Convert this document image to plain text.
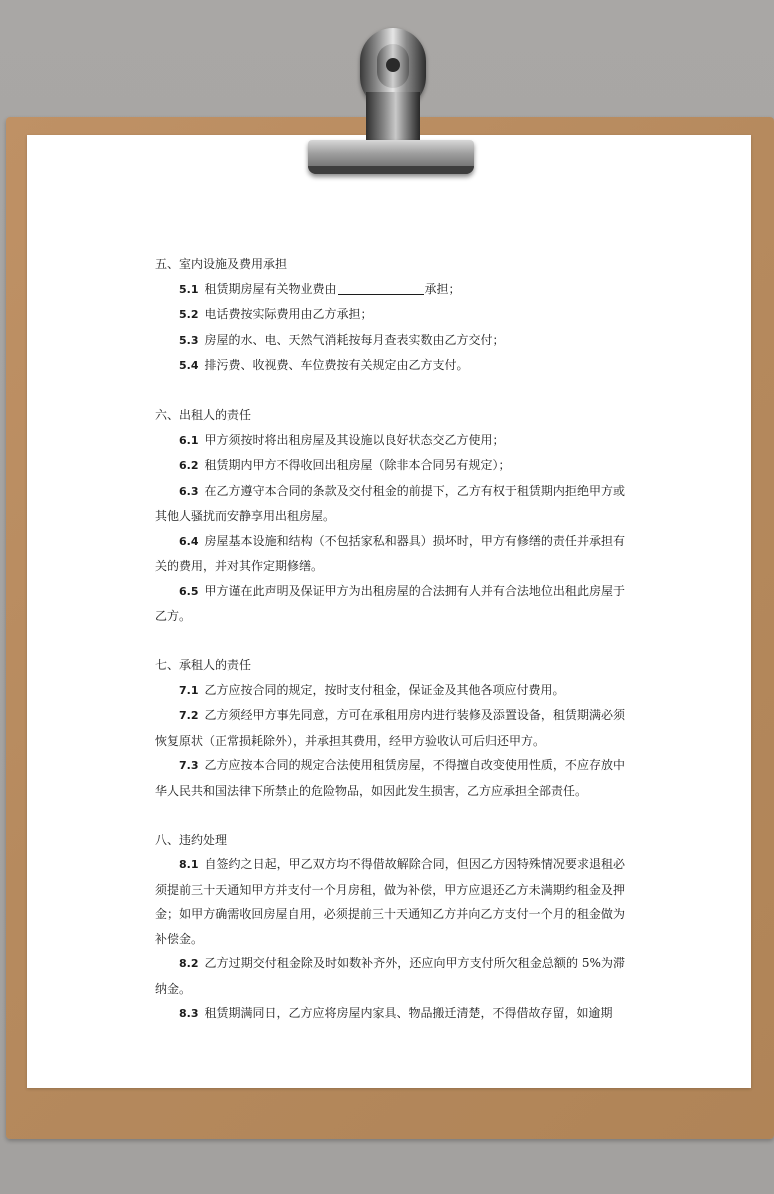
五、室内设施及费用承担

5.1 租赁期房屋有关物业费由	承担；

5.2 电话费按实际费用由乙方承担；

5.3 房屋的水、电、天然气消耗按每月查表实数由乙方交付；

5.4 排污费、收视费、车位费按有关规定由乙方支付。

六、出租人的责任

6.1 甲方须按时将出租房屋及其设施以良好状态交乙方使用；

6.2 租赁期内甲方不得收回出租房屋（除非本合同另有规定）；

6.3 在乙方遵守本合同的条款及交付租金的前提下，乙方有权于租赁期内拒绝甲方或其他人骚扰而安静享用出租房屋。

6.4 房屋基本设施和结构（不包括家私和器具）损坏时，甲方有修缮的责任并承担有关的费用，并对其作定期修缮。

6.5 甲方谨在此声明及保证甲方为出租房屋的合法拥有人并有合法地位出租此房屋于乙方。

七、承租人的责任

7.1 乙方应按合同的规定，按时支付租金，保证金及其他各项应付费用。

7.2 乙方须经甲方事先同意，方可在承租用房内进行装修及添置设备，租赁期满必须恢复原状（正常损耗除外），并承担其费用，经甲方验收认可后归还甲方。

7.3 乙方应按本合同的规定合法使用租赁房屋，不得擅自改变使用性质，不应存放中华人民共和国法律下所禁止的危险物品，如因此发生损害，乙方应承担全部责任。

八、违约处理

8.1 自签约之日起，甲乙双方均不得借故解除合同，但因乙方因特殊情况要求退租必须提前三十天通知甲方并支付一个月房租，做为补偿，甲方应退还乙方未满期约租金及押金；如甲方确需收回房屋自用，必须提前三十天通知乙方并向乙方支付一个月的租金做为补偿金。

8.2 乙方过期交付租金除及时如数补齐外，还应向甲方支付所欠租金总额的 5%为滞纳金。

8.3 租赁期满同日，乙方应将房屋内家具、物品搬迁清楚，不得借故存留，如逾期
